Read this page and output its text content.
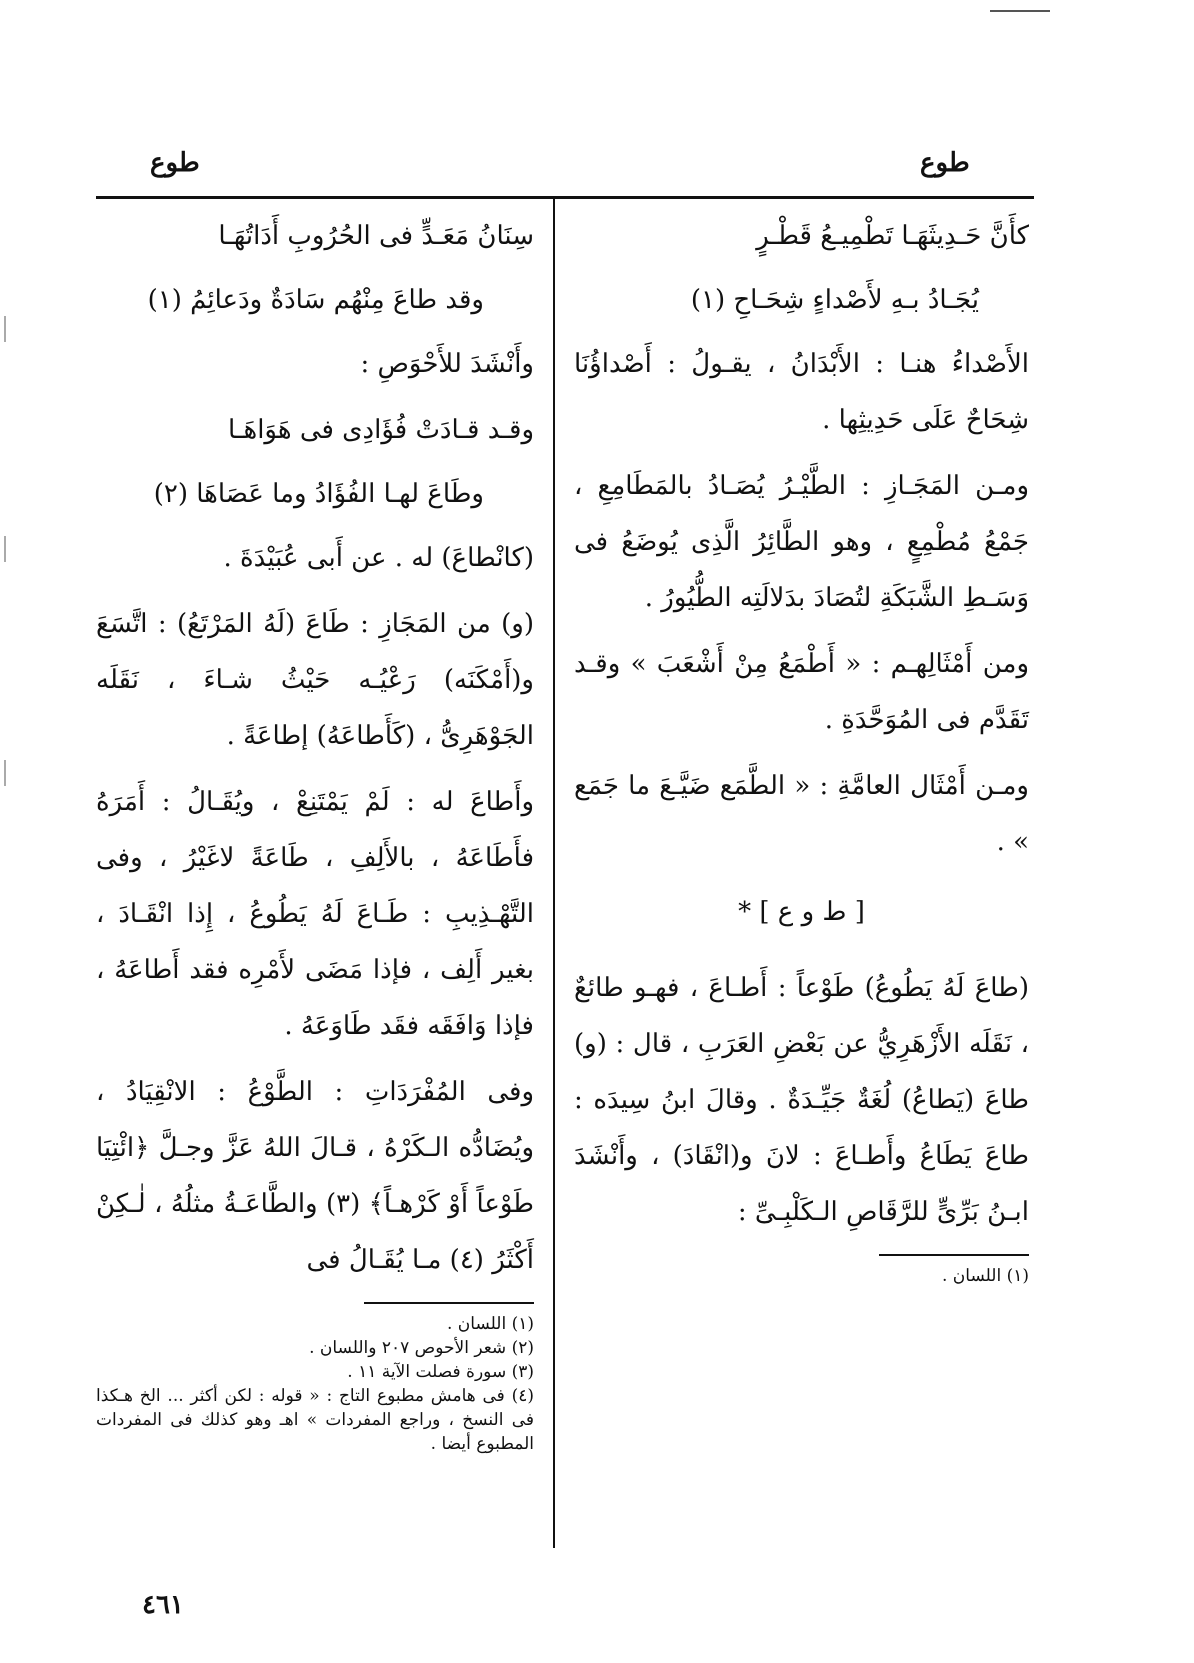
طوع
طوع

كأَنَّ حَـدِيثَهَـا تَطْمِيـعُ قَطْـرٍ

يُجَـادُ بـهِ لأَصْداءٍ شِحَـاحِ (١)

الأَصْداءُ هنـا : الأَبْدَانُ ، يقـولُ : أَصْداؤُنَا شِحَاحٌ عَلَى حَدِيثِها .

ومـن المَجَـازِ : الطَّيْـرُ يُصَـادُ بالمَطَامِعِ ، جَمْعُ مُطْمِعٍ ، وهو الطَّائِرُ الَّذِى يُوضَعُ فى وَسَـطِ الشَّبَكَةِ لتُصَادَ بدَلالَتِه الطُّيُورُ .

ومن أَمْثَالِهـم : « أَطْمَعُ مِنْ أَشْعَبَ » وقـد تَقَدَّم فى المُوَحَّدَةِ .

ومـن أَمْثَال العامَّةِ : « الطَّمَع ضَيَّـعَ ما جَمَع » .

[ ط و ع ] *

(طاعَ لَهُ يَطُوعُ) طَوْعاً : أَطـاعَ ، فهـو طائعٌ ، نَقَلَه الأَزْهَرِيُّ عن بَعْضِ العَرَبِ ، قال : (و) طاعَ (يَطاعُ) لُغَةٌ جَيِّـدَةٌ . وقالَ ابنُ سِيدَه : طاعَ يَطَاعُ وأَطـاعَ : لانَ و(انْقَادَ) ، وأَنْشَدَ ابـنُ بَرِّىٍّ للرَّقَاصِ الـكَلْبِـىِّ :

(١) اللسان .

سِنَانُ مَعَـدٍّ فى الحُرُوبِ أَدَاتُهَـا

وقد طاعَ مِنْهُم سَادَةٌ ودَعائِمُ (١)

وأَنْشَدَ للأَحْوَصِ :

وقـد قـادَتْ فُؤَادِى فى هَوَاهَـا

وطَاعَ لهـا الفُؤَادُ وما عَصَاهَا (٢)

(كانْطاعَ) له . عن أَبى عُبَيْدَةَ .

(و) من المَجَازِ : طَاعَ (لَهُ المَرْتَعُ) : اتَّسَعَ و(أَمْكَنَه) رَعْيُـه حَيْثُ شـاءَ ، نَقَلَه الجَوْهَرِىُّ ، (كَأَطاعَهُ) إطاعَةً .

وأَطاعَ له : لَمْ يَمْتَنِعْ ، ويُقَـالُ : أَمَرَهُ فأَطَاعَهُ ، بالأَلِفِ ، طَاعَةً لاغَيْرُ ، وفى التَّهْـذِيبِ : طَـاعَ لَهُ يَطُوعُ ، إِذا انْقَـادَ ، بغير أَلِف ، فإذا مَضَى لأَمْرِه فقد أَطاعَهُ ، فإذا وَافَقَه فقَد طَاوَعَهُ .

وفى المُفْرَدَاتِ : الطَّوْعُ : الانْقِيَادُ ، ويُضَادُّه الـكَرْهُ ، قـالَ اللهُ عَزَّ وجـلَّ ﴿ائْتِيَا طَوْعاً أَوْ كَرْهـاً﴾ (٣) والطَّاعَـةُ مثلُهُ ، لٰـكِنْ أَكْثَرُ (٤) مـا يُقَـالُ فى

(١) اللسان .

(٢) شعر الأحوص ٢٠٧ واللسان .

(٣) سورة فصلت الآية ١١ .

(٤) فى هامش مطبوع التاج : « قوله : لكن أكثر ... الخ هـكذا فى النسخ ، وراجع المفردات » اهـ وهو كذلك فى المفردات المطبوع أيضا .

٤٦١
